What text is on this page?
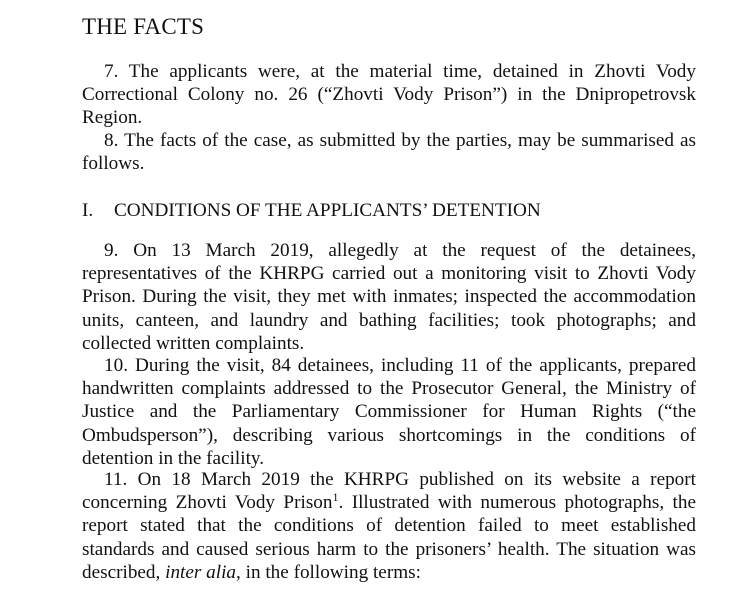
THE FACTS

7. The applicants were, at the material time, detained in Zhovti Vody Correctional Colony no. 26 (“Zhovti Vody Prison”) in the Dnipropetrovsk Region.

8. The facts of the case, as submitted by the parties, may be summarised as follows.

I. CONDITIONS OF THE APPLICANTS’ DETENTION

9. On 13 March 2019, allegedly at the request of the detainees, representatives of the KHRPG carried out a monitoring visit to Zhovti Vody Prison. During the visit, they met with inmates; inspected the accommodation units, canteen, and laundry and bathing facilities; took photographs; and collected written complaints.

10. During the visit, 84 detainees, including 11 of the applicants, prepared handwritten complaints addressed to the Prosecutor General, the Ministry of Justice and the Parliamentary Commissioner for Human Rights (“the Ombudsperson”), describing various shortcomings in the conditions of detention in the facility.

11. On 18 March 2019 the KHRPG published on its website a report concerning Zhovti Vody Prison$^1$. Illustrated with numerous photographs, the report stated that the conditions of detention failed to meet established standards and caused serious harm to the prisoners’ health. The situation was described, inter alia, in the following terms:
